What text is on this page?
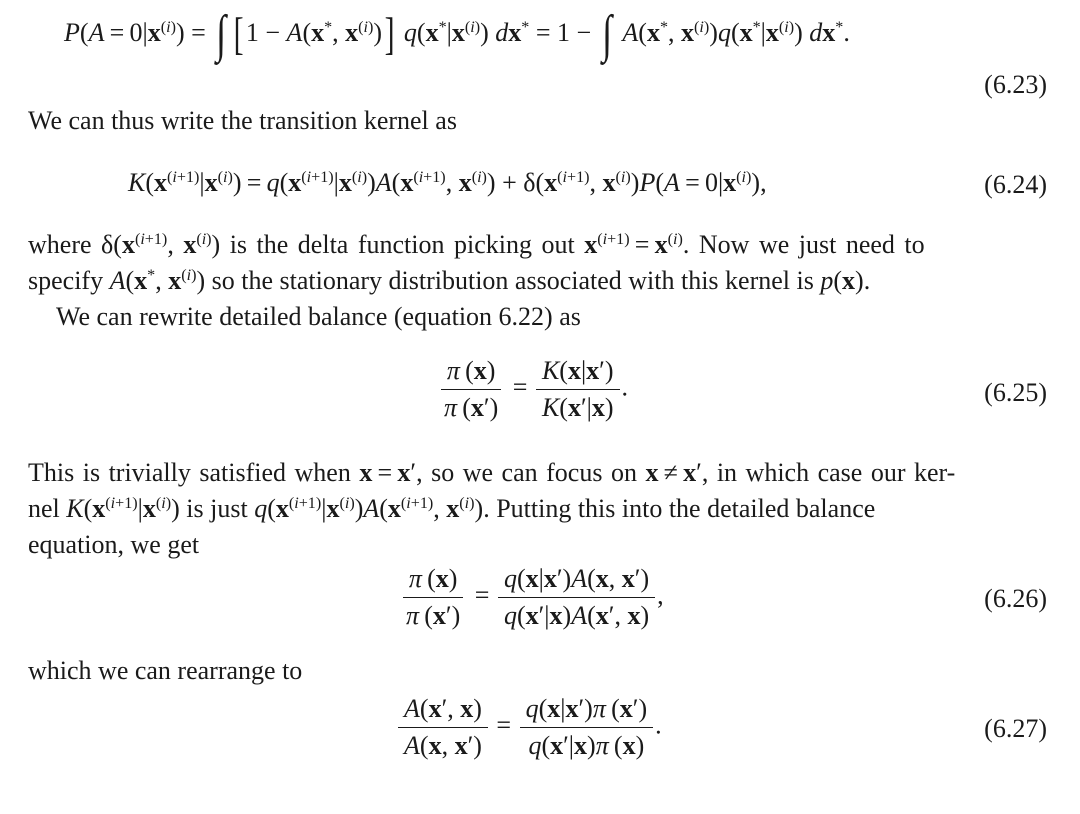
$P(A = 0|x^{(i)})$ = ∫ [ 1 − A(x*, $x^{(i)}$)] $q(x^*|x^{(i)}) dx^* = 1$ − ∫ A(x*, $x^{(i)})q(x^*|x^{(i)})$ dx*.
(6.23)
We can thus write the transition kernel as
$K(x^{(i+1)}|x^{(i)}) = q(x^{(i+1)}|x^{(i)})A(x^{(i+1)}$, $x^{(i)}) + \delta(x^{(i+1)}$, $x^{(i)})P(A = 0|x^{(i)})$,	(6.24)
where $\delta(x^{(i+1)}$, $x^{(i)}$) is the delta function picking out $x^{(i+1)} = x^{(i)}$. Now we just need to
specify A(x*, $x^{(i)}$) so the stationary distribution associated with this kernel is p(x).
We can rewrite detailed balance (equation 6.22) as
$\frac{\pi (x)}{\pi (x')} = \frac{K(x|x')}{K(x'|x)}$ .	(6.25)
This is trivially satisfied when x = x′, so we can focus on x ≠ x′, in which case our ker-
nel $K(x^{(i+1)}|x^{(i)})$ is just $q(x^{(i+1)}|x^{(i)})A(x^{(i+1)}$, $x^{(i)}$). Putting this into the detailed balance
equation, we get
$\frac{\pi (x)}{\pi (x')} = \frac{q(x|x')A(x, x')}{q(x'|x)A(x', x)}$ ,	(6.26)
which we can rearrange to
$\frac{A(x', x)}{A(x, x')} = \frac{q(x|x')\pi (x')}{q(x'|x)\pi (x)}$ .	(6.27)
